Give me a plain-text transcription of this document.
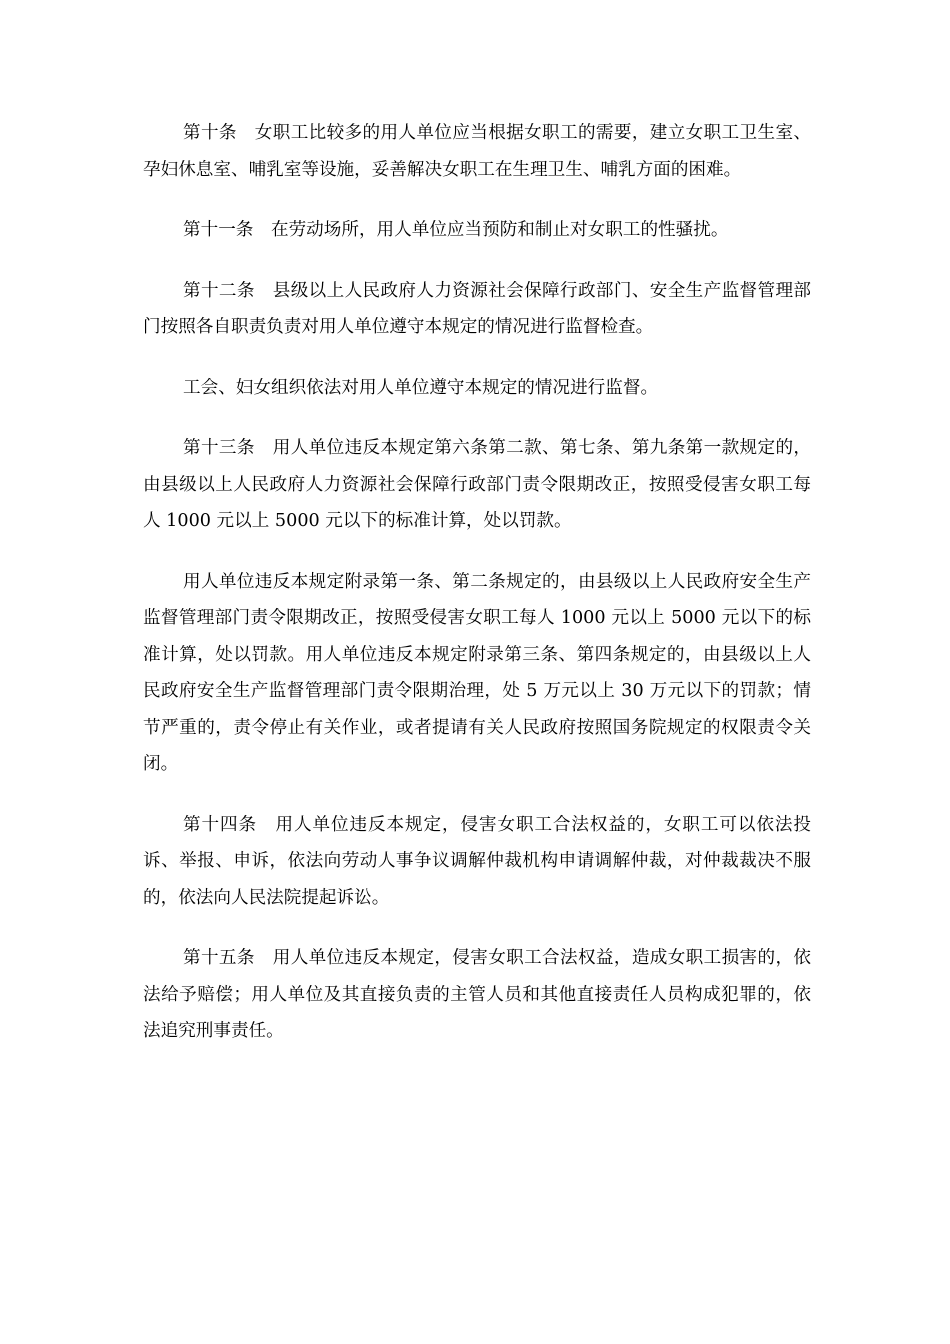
第十条　女职工比较多的用人单位应当根据女职工的需要，建立女职工卫生室、孕妇休息室、哺乳室等设施，妥善解决女职工在生理卫生、哺乳方面的困难。

第十一条　在劳动场所，用人单位应当预防和制止对女职工的性骚扰。

第十二条　县级以上人民政府人力资源社会保障行政部门、安全生产监督管理部门按照各自职责负责对用人单位遵守本规定的情况进行监督检查。

工会、妇女组织依法对用人单位遵守本规定的情况进行监督。

第十三条　用人单位违反本规定第六条第二款、第七条、第九条第一款规定的，由县级以上人民政府人力资源社会保障行政部门责令限期改正，按照受侵害女职工每人 1000 元以上 5000 元以下的标准计算，处以罚款。

用人单位违反本规定附录第一条、第二条规定的，由县级以上人民政府安全生产监督管理部门责令限期改正，按照受侵害女职工每人 1000 元以上 5000 元以下的标准计算，处以罚款。用人单位违反本规定附录第三条、第四条规定的，由县级以上人民政府安全生产监督管理部门责令限期治理，处 5 万元以上 30 万元以下的罚款；情节严重的，责令停止有关作业，或者提请有关人民政府按照国务院规定的权限责令关闭。

第十四条　用人单位违反本规定，侵害女职工合法权益的，女职工可以依法投诉、举报、申诉，依法向劳动人事争议调解仲裁机构申请调解仲裁，对仲裁裁决不服的，依法向人民法院提起诉讼。

第十五条　用人单位违反本规定，侵害女职工合法权益，造成女职工损害的，依法给予赔偿；用人单位及其直接负责的主管人员和其他直接责任人员构成犯罪的，依法追究刑事责任。
